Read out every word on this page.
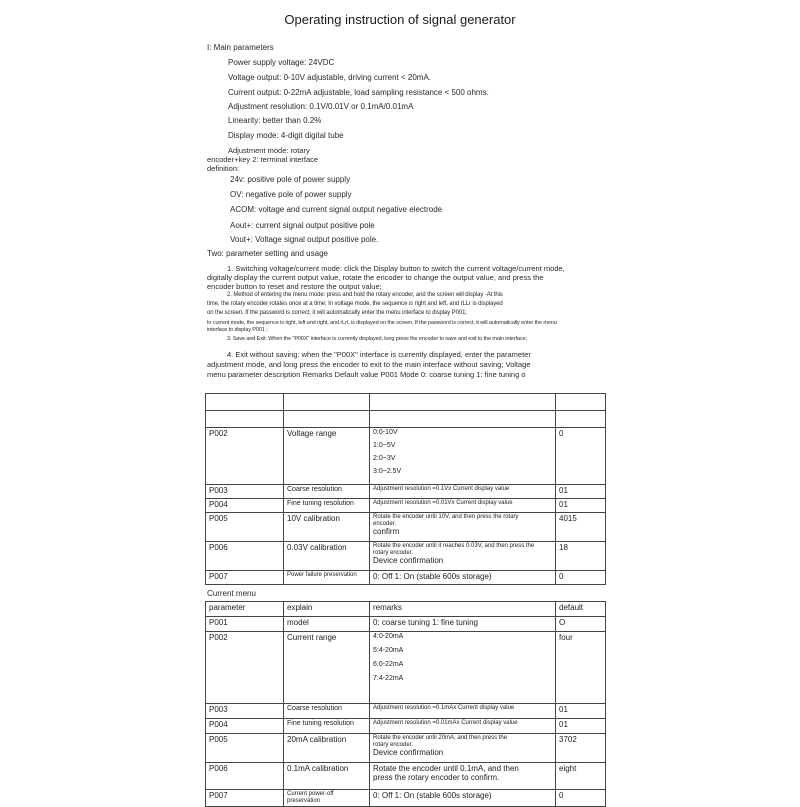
Operating instruction of signal generator
I: Main parameters
Power supply voltage: 24VDC
Voltage output: 0-10V adjustable, driving current < 20mA.
Current output: 0-22mA adjustable, load sampling resistance < 500 ohms.
Adjustment resolution: 0.1V/0.01V or 0.1mA/0.01mA
Linearity: better than 0.2%
Display mode: 4-digit digital tube
Adjustment mode: rotary
encoder+key 2: terminal interface
definition:
24v: positive pole of power supply
OV: negative pole of power supply
ACOM: voltage and current signal output negative electrode
Aout+: current signal output positive pole
Vout+: Voltage signal output positive pole.
Two: parameter setting and usage
1. Switching voltage/current mode: click the Display button to switch the current voltage/current mode,
digitally display the current output value, rotate the encoder to change the output value, and press the
encoder button to reset and restore the output value;
2. Method of entering the menu mode: press and hold the rotary encoder, and the screen will display -At this
time, the rotary encoder rotates once at a time; In voltage mode, the sequence is right and left, and rLLr is displayed
on the screen. If the password is correct, it will automatically enter the menu interface to display P001;
In current mode, the sequence is right, left and right, and rLrL is displayed on the screen. If the password is correct, it will automatically enter the menu
interface to display P001 ;
3. Save and Exit: When the "P00X" interface is currently displayed, long press the encoder to save and exit to the main interface;
4. Exit without saving: when the "P00X" interface is currently displayed, enter the parameter
adjustment mode, and long press the encoder to exit to the main interface without saving; Voltage
menu parameter description Remarks Default value P001 Mode 0: coarse tuning 1: fine tuning o

P002	Voltage range	0:0-10V
1:0~5V
2:0~3V
3:0~2.5V	0
P003	Coarse resolution	Adjustment resolution =0.1Vx Current display value	01
P004	Fine tuning resolution	Adjustment resolution =0.01Vx Current display value	01
P005	10V calibration	Rotate the encoder until 10V, and then press the rotary
encoder.
confirm	4015
P006	0.03V calibration	Rotate the encoder until it reaches 0.03V, and then press the
rotary encoder.
Device confirmation	18
P007	Power failure preservation	0: Off 1: On (stable 600s storage)	0
Current menu
parameter	explain	remarks	default
P001	model	0: coarse tuning 1: fine tuning	O
P002	Current range	4:0-20mA
5:4-20mA
6:0-22mA
7:4-22mA	four
P003	Coarse resolution	Adjustment resolution =0.1mAx Current display value	01
P004	Fine tuning resolution	Adjustment resolution =0.01mAx Current display value	01
P005	20mA calibration	Rotate the encoder until 20mA, and then press the
rotary encoder.
Device confirmation	3702
P006	0.1mA calibration	Rotate the encoder until 0.1mA, and then
press the rotary encoder to confirm.	eight
P007	Current power-off
preservation	0: Off 1: On (stable 600s storage)	0
